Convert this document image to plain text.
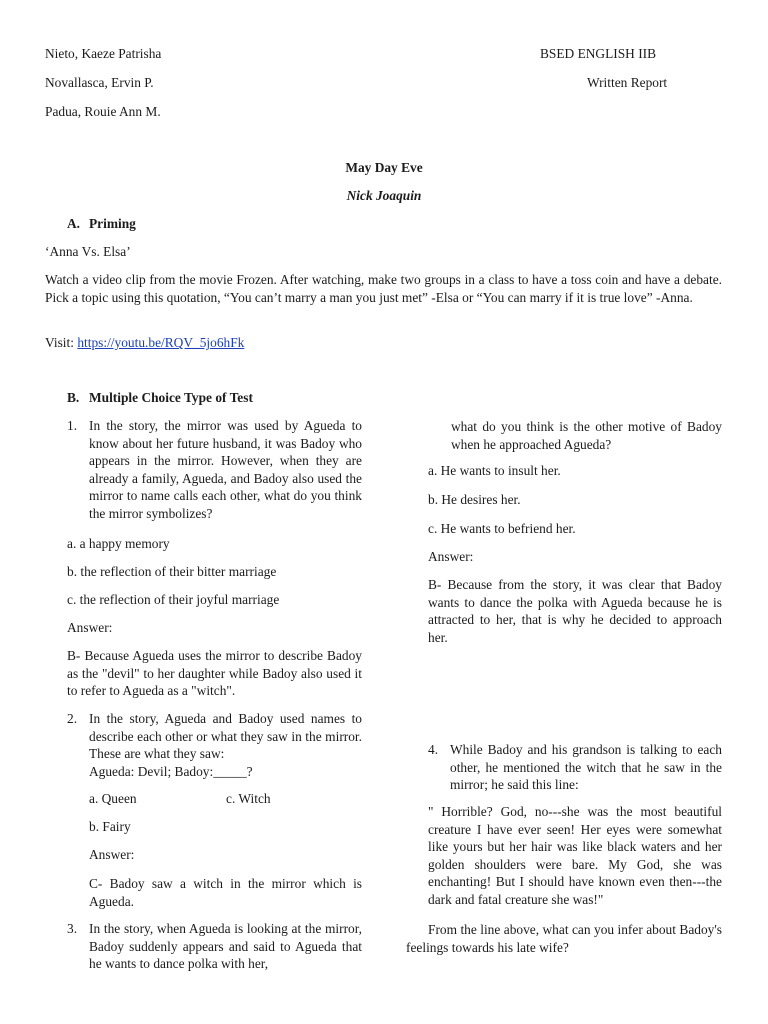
Nieto, Kaeze Patrisha
Novallasca, Ervin P.
Padua, Rouie Ann M.
BSED ENGLISH IIB
Written Report
May Day Eve
Nick Joaquin
A. Priming
‘Anna Vs. Elsa’
Watch a video clip from the movie Frozen. After watching, make two groups in a class to have a toss coin and have a debate. Pick a topic using this quotation, “You can’t marry a man you just met” -Elsa or “You can marry if it is true love” -Anna.
Visit: https://youtu.be/RQV_5jo6hFk
B. Multiple Choice Type of Test
1. In the story, the mirror was used by Agueda to know about her future husband, it was Badoy who appears in the mirror. However, when they are already a family, Agueda, and Badoy also used the mirror to name calls each other, what do you think the mirror symbolizes?
a. a happy memory
b. the reflection of their bitter marriage
c. the reflection of their joyful marriage
Answer:
B- Because Agueda uses the mirror to describe Badoy as the "devil" to her daughter while Badoy also used it to refer to Agueda as a "witch".
2. In the story, Agueda and Badoy used names to describe each other or what they saw in the mirror. These are what they saw:
Agueda: Devil; Badoy:_____?
a. Queen	c. Witch
b. Fairy
Answer:
C- Badoy saw a witch in the mirror which is Agueda.
3. In the story, when Agueda is looking at the mirror, Badoy suddenly appears and said to Agueda that he wants to dance polka with her,
what do you think is the other motive of Badoy when he approached Agueda?
a. He wants to insult her.
b. He desires her.
c. He wants to befriend her.
Answer:
B- Because from the story, it was clear that Badoy wants to dance the polka with Agueda because he is attracted to her, that is why he decided to approach her.
4. While Badoy and his grandson is talking to each other, he mentioned the witch that he saw in the mirror; he said this line:
" Horrible? God, no---she was the most beautiful creature I have ever seen! Her eyes were somewhat like yours but her hair was like black waters and her golden shoulders were bare. My God, she was enchanting! But I should have known even then---the dark and fatal creature she was!"
From the line above, what can you infer about Badoy's feelings towards his late wife?
